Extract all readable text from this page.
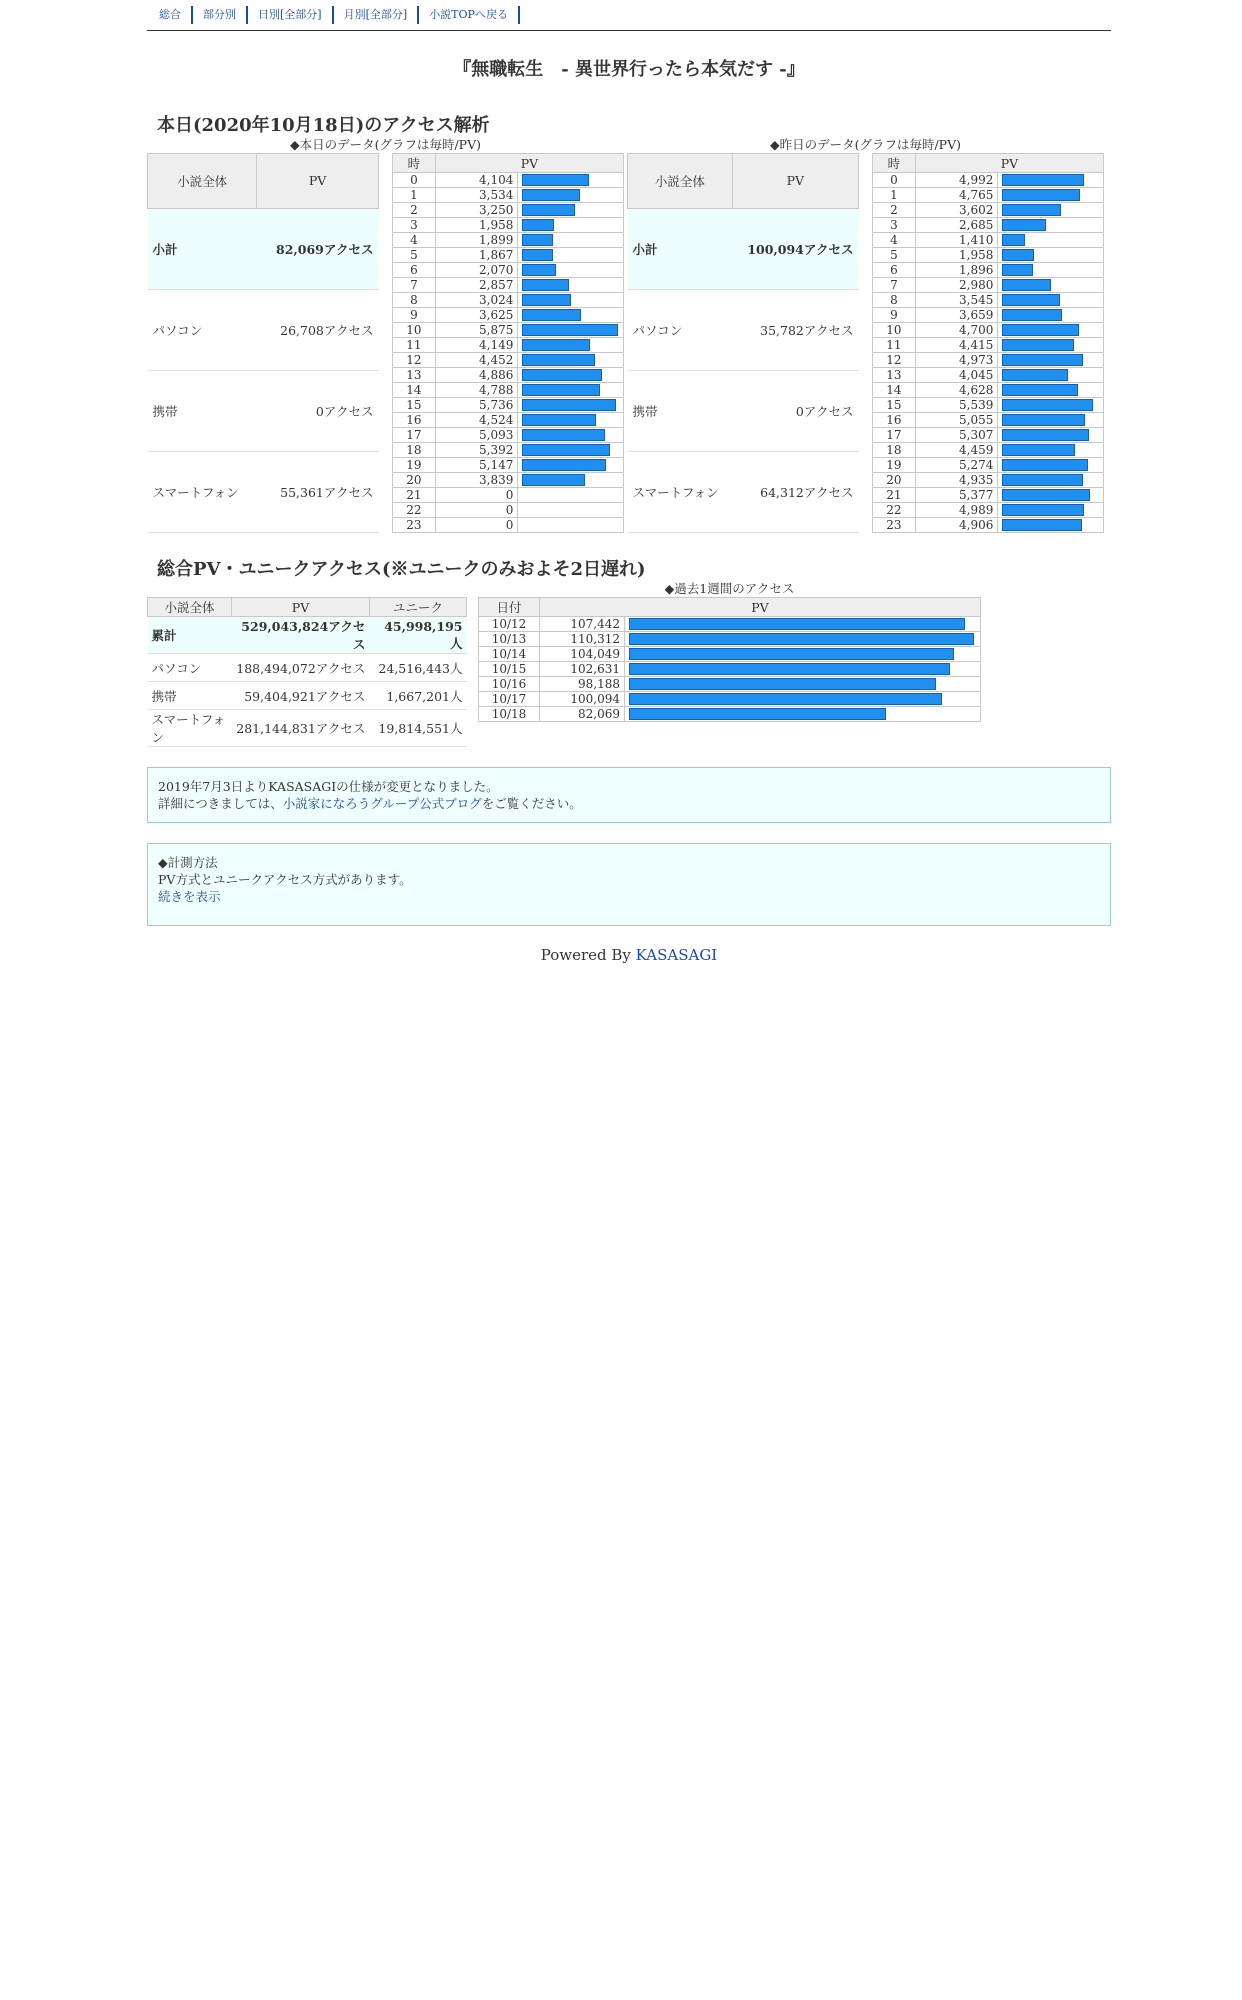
総合	部分別	日別[全部分]	月別[全部分]	小説TOPへ戻る
『無職転生　- 異世界行ったら本気だす -』
本日(2020年10月18日)のアクセス解析
◆本日のデータ(グラフは毎時/PV)
小説全体	PV
小計	82,069アクセス
パソコン	26,708アクセス
携帯	0アクセス
スマートフォン	55,361アクセス
時	PV	
0	4,104	

1	3,534	

2	3,250	

3	1,958	

4	1,899	

5	1,867	

6	2,070	

7	2,857	

8	3,024	

9	3,625	

10	5,875	

11	4,149	

12	4,452	

13	4,886	

14	4,788	

15	5,736	

16	4,524	

17	5,093	

18	5,392	

19	5,147	

20	3,839	

21	0	
22	0	
23	0	
◆昨日のデータ(グラフは毎時/PV)
小説全体	PV
小計	100,094アクセス
パソコン	35,782アクセス
携帯	0アクセス
スマートフォン	64,312アクセス
時	PV	
0	4,992	

1	4,765	

2	3,602	

3	2,685	

4	1,410	

5	1,958	

6	1,896	

7	2,980	

8	3,545	

9	3,659	

10	4,700	

11	4,415	

12	4,973	

13	4,045	

14	4,628	

15	5,539	

16	5,055	

17	5,307	

18	4,459	

19	5,274	

20	4,935	

21	5,377	

22	4,989	

23	4,906	
総合PV・ユニークアクセス(※ユニークのみおよそ2日遅れ)
小説全体	PV	ユニーク
累計	529,043,824アクセス	45,998,195人
パソコン	188,494,072アクセス	24,516,443人
携帯	59,404,921アクセス	1,667,201人
スマートフォン	281,144,831アクセス	19,814,551人
◆過去1週間のアクセス
日付	PV	
10/12	107,442	

10/13	110,312	

10/14	104,049	

10/15	102,631	

10/16	98,188	

10/17	100,094	

10/18	82,069	
2019年7月3日よりKASASAGIの仕様が変更となりました。
詳細につきましては、小説家になろうグループ公式ブログをご覧ください。
◆計測方法
PV方式とユニークアクセス方式があります。
続きを表示
Powered By KASASAGI
